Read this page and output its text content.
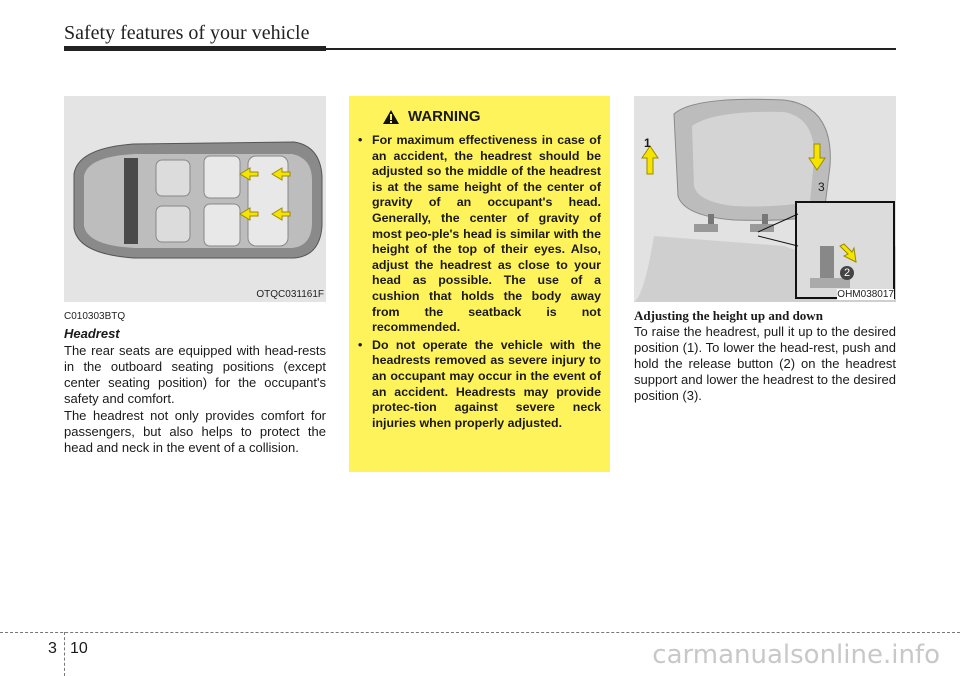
Safety features of your vehicle
OTQC031161F
C010303BTQ
Headrest

The rear seats are equipped with head-rests in the outboard seating positions (except center seating position) for the occupant's safety and comfort.

The headrest not only provides comfort for passengers, but also helps to protect the head and neck in the event of a collision.

WARNING
• For maximum effectiveness in case of an accident, the headrest should be adjusted so the middle of the headrest is at the same height of the center of gravity of an occupant's head. Generally, the center of gravity of most peo-ple's head is similar with the height of the top of their eyes. Also, adjust the headrest as close to your head as possible. The use of a cushion that holds the body away from the seatback is not recommended.
• Do not operate the vehicle with the headrests removed as severe injury to an occupant may occur in the event of an accident. Headrests may provide protec-tion against severe neck injuries when properly adjusted.
1
3
2
OHM038017
Adjusting the height up and down

To raise the headrest, pull it up to the desired position (1). To lower the head-rest, push and hold the release button (2) on the headrest support and lower the headrest to the desired position (3).

3 10	carmanualsonline.info
